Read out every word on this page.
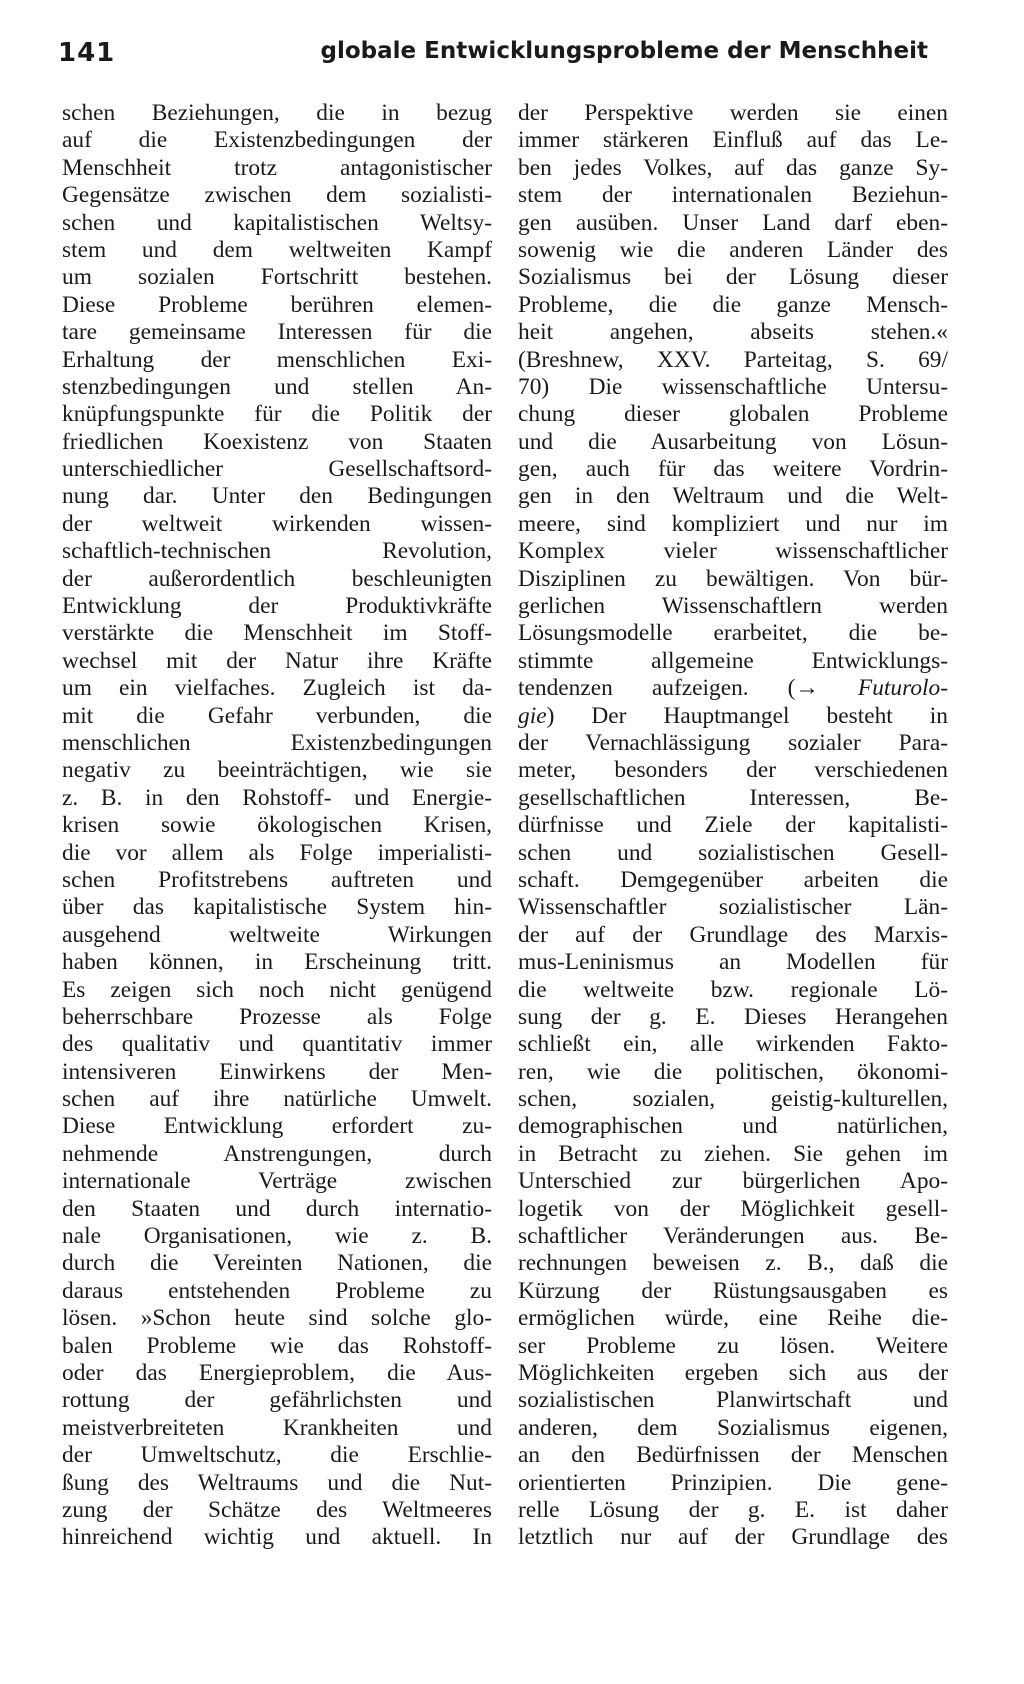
141	globale Entwicklungsprobleme der Menschheit
schen Beziehungen, die in bezug
auf die Existenzbedingungen der
Menschheit trotz antagonistischer
Gegensätze zwischen dem sozialisti-
schen und kapitalistischen Weltsy-
stem und dem weltweiten Kampf
um sozialen Fortschritt bestehen.
Diese Probleme berühren elemen-
tare gemeinsame Interessen für die
Erhaltung der menschlichen Exi-
stenzbedingungen und stellen An-
knüpfungspunkte für die Politik der
friedlichen Koexistenz von Staaten
unterschiedlicher Gesellschaftsord-
nung dar. Unter den Bedingungen
der weltweit wirkenden wissen-
schaftlich-technischen Revolution,
der außerordentlich beschleunigten
Entwicklung der Produktivkräfte
verstärkte die Menschheit im Stoff-
wechsel mit der Natur ihre Kräfte
um ein vielfaches. Zugleich ist da-
mit die Gefahr verbunden, die
menschlichen Existenzbedingungen
negativ zu beeinträchtigen, wie sie
z. B. in den Rohstoff- und Energie-
krisen sowie ökologischen Krisen,
die vor allem als Folge imperialisti-
schen Profitstrebens auftreten und
über das kapitalistische System hin-
ausgehend weltweite Wirkungen
haben können, in Erscheinung tritt.
Es zeigen sich noch nicht genügend
beherrschbare Prozesse als Folge
des qualitativ und quantitativ immer
intensiveren Einwirkens der Men-
schen auf ihre natürliche Umwelt.
Diese Entwicklung erfordert zu-
nehmende Anstrengungen, durch
internationale Verträge zwischen
den Staaten und durch internatio-
nale Organisationen, wie z. B.
durch die Vereinten Nationen, die
daraus entstehenden Probleme zu
lösen. »Schon heute sind solche glo-
balen Probleme wie das Rohstoff-
oder das Energieproblem, die Aus-
rottung der gefährlichsten und
meistverbreiteten Krankheiten und
der Umweltschutz, die Erschlie-
ßung des Weltraums und die Nut-
zung der Schätze des Weltmeeres
hinreichend wichtig und aktuell. In
der Perspektive werden sie einen
immer stärkeren Einfluß auf das Le-
ben jedes Volkes, auf das ganze Sy-
stem der internationalen Beziehun-
gen ausüben. Unser Land darf eben-
sowenig wie die anderen Länder des
Sozialismus bei der Lösung dieser
Probleme, die die ganze Mensch-
heit angehen, abseits stehen.«
(Breshnew, XXV. Parteitag, S. 69/
70) Die wissenschaftliche Untersu-
chung dieser globalen Probleme
und die Ausarbeitung von Lösun-
gen, auch für das weitere Vordrin-
gen in den Weltraum und die Welt-
meere, sind kompliziert und nur im
Komplex vieler wissenschaftlicher
Disziplinen zu bewältigen. Von bür-
gerlichen Wissenschaftlern werden
Lösungsmodelle erarbeitet, die be-
stimmte allgemeine Entwicklungs-
tendenzen aufzeigen. (→ Futurolo-
gie) Der Hauptmangel besteht in
der Vernachlässigung sozialer Para-
meter, besonders der verschiedenen
gesellschaftlichen Interessen, Be-
dürfnisse und Ziele der kapitalisti-
schen und sozialistischen Gesell-
schaft. Demgegenüber arbeiten die
Wissenschaftler sozialistischer Län-
der auf der Grundlage des Marxis-
mus-Leninismus an Modellen für
die weltweite bzw. regionale Lö-
sung der g. E. Dieses Herangehen
schließt ein, alle wirkenden Fakto-
ren, wie die politischen, ökonomi-
schen, sozialen, geistig-kulturellen,
demographischen und natürlichen,
in Betracht zu ziehen. Sie gehen im
Unterschied zur bürgerlichen Apo-
logetik von der Möglichkeit gesell-
schaftlicher Veränderungen aus. Be-
rechnungen beweisen z. B., daß die
Kürzung der Rüstungsausgaben es
ermöglichen würde, eine Reihe die-
ser Probleme zu lösen. Weitere
Möglichkeiten ergeben sich aus der
sozialistischen Planwirtschaft und
anderen, dem Sozialismus eigenen,
an den Bedürfnissen der Menschen
orientierten Prinzipien. Die gene-
relle Lösung der g. E. ist daher
letztlich nur auf der Grundlage des
